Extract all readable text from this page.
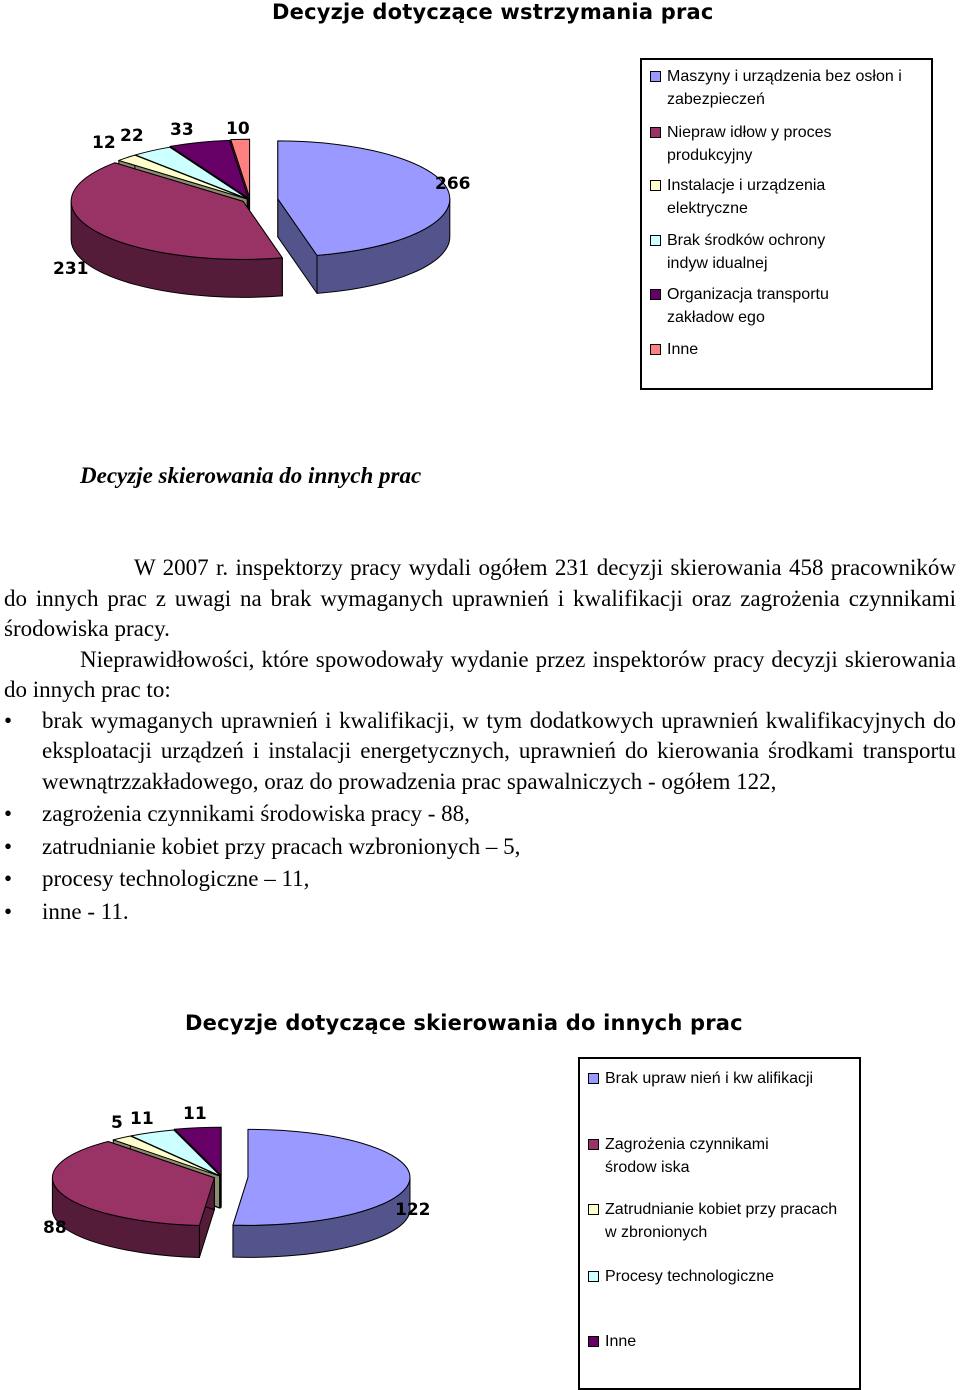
Decyzje dotyczące wstrzymania prac
266
231
12 22 33 10
Maszyny i urządzenia bez osłon i
zabezpieczeń
Niepraw idłow y proces
produkcyjny
Instalacje i urządzenia
elektryczne
Brak środków ochrony
indyw idualnej
Organizacja transportu
zakładow ego
Inne
Decyzje skierowania do innych prac

W 2007 r. inspektorzy pracy wydali ogółem 231 decyzji skierowania 458 pracowników do innych prac z uwagi na brak wymaganych uprawnień i kwalifikacji oraz zagrożenia czynnikami środowiska pracy.

Nieprawidłowości, które spowodowały wydanie przez inspektorów pracy decyzji skierowania do innych prac to:

• brak wymaganych uprawnień i kwalifikacji, w tym dodatkowych uprawnień kwalifikacyjnych do eksploatacji urządzeń i instalacji energetycznych, uprawnień do kierowania środkami transportu wewnątrzzakładowego, oraz do prowadzenia prac spawalniczych - ogółem 122,
• zagrożenia czynnikami środowiska pracy - 88,
• zatrudnianie kobiet przy pracach wzbronionych – 5,
• procesy technologiczne – 11,
• inne - 11.
Decyzje dotyczące skierowania do innych prac
122
88
5 11 11
Brak upraw nień i kw alifikacji
Zagrożenia czynnikami
środow iska
Zatrudnianie kobiet przy pracach
w zbronionych
Procesy technologiczne
Inne
